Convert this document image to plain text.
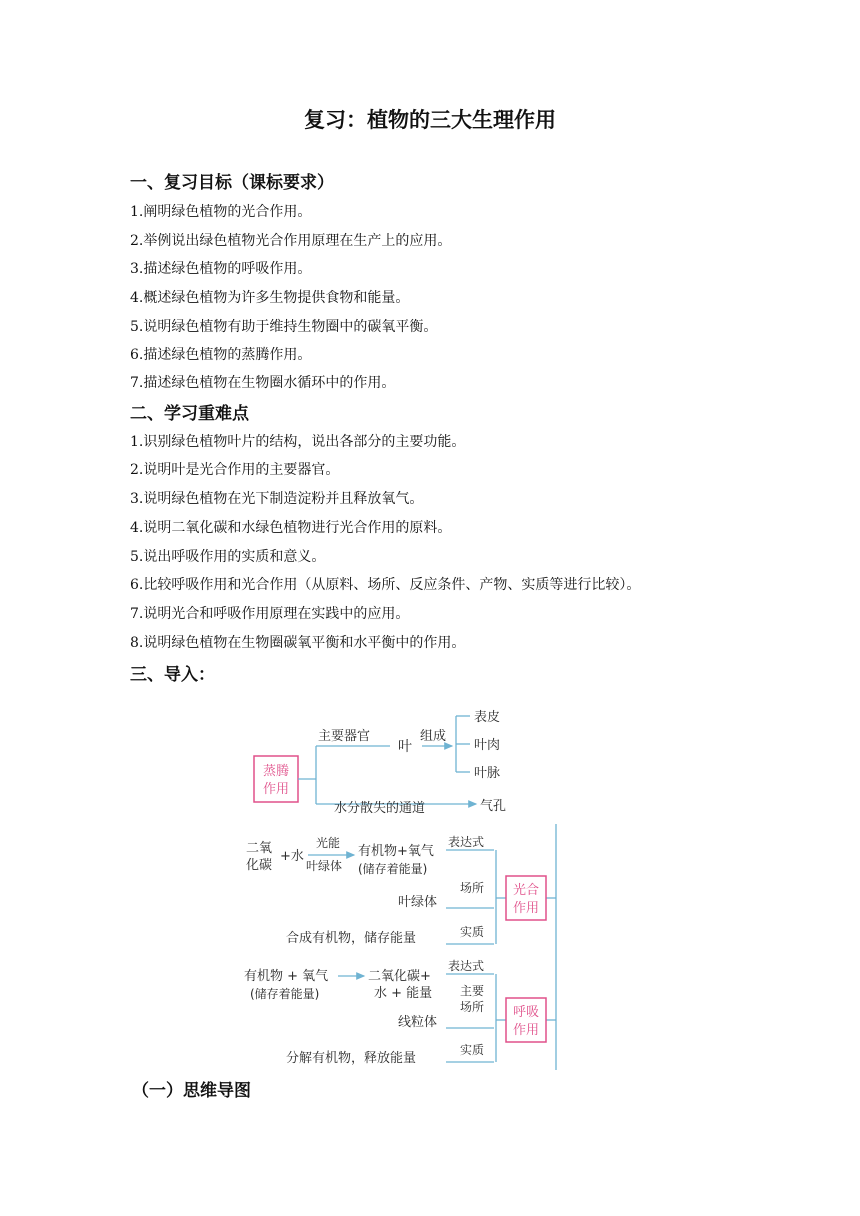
复习：植物的三大生理作用
一、复习目标（课标要求）
1.阐明绿色植物的光合作用。
2.举例说出绿色植物光合作用原理在生产上的应用。
3.描述绿色植物的呼吸作用。
4.概述绿色植物为许多生物提供食物和能量。
5.说明绿色植物有助于维持生物圈中的碳氧平衡。
6.描述绿色植物的蒸腾作用。
7.描述绿色植物在生物圈水循环中的作用。
二、学习重难点
1.识别绿色植物叶片的结构，说出各部分的主要功能。
2.说明叶是光合作用的主要器官。
3.说明绿色植物在光下制造淀粉并且释放氧气。
4.说明二氧化碳和水绿色植物进行光合作用的原料。
5.说出呼吸作用的实质和意义。
6.比较呼吸作用和光合作用（从原料、场所、反应条件、产物、实质等进行比较）。
7.说明光合和呼吸作用原理在实践中的应用。
8.说明绿色植物在生物圈碳氧平衡和水平衡中的作用。
三、导入：
蒸腾
作用
主要器官
叶
组成
表皮
叶肉
叶脉
水分散失的通道	气孔
二氧
化碳
+水
光能
叶绿体
有机物+氧气
(储存着能量)
叶绿体
合成有机物，储存能量
表达式
场所
实质
光合
作用
有机物 + 氧气
(储存着能量)
二氧化碳+
水 + 能量
线粒体
分解有机物，释放能量
表达式
主要
场所
实质
呼吸
作用
（一）思维导图
